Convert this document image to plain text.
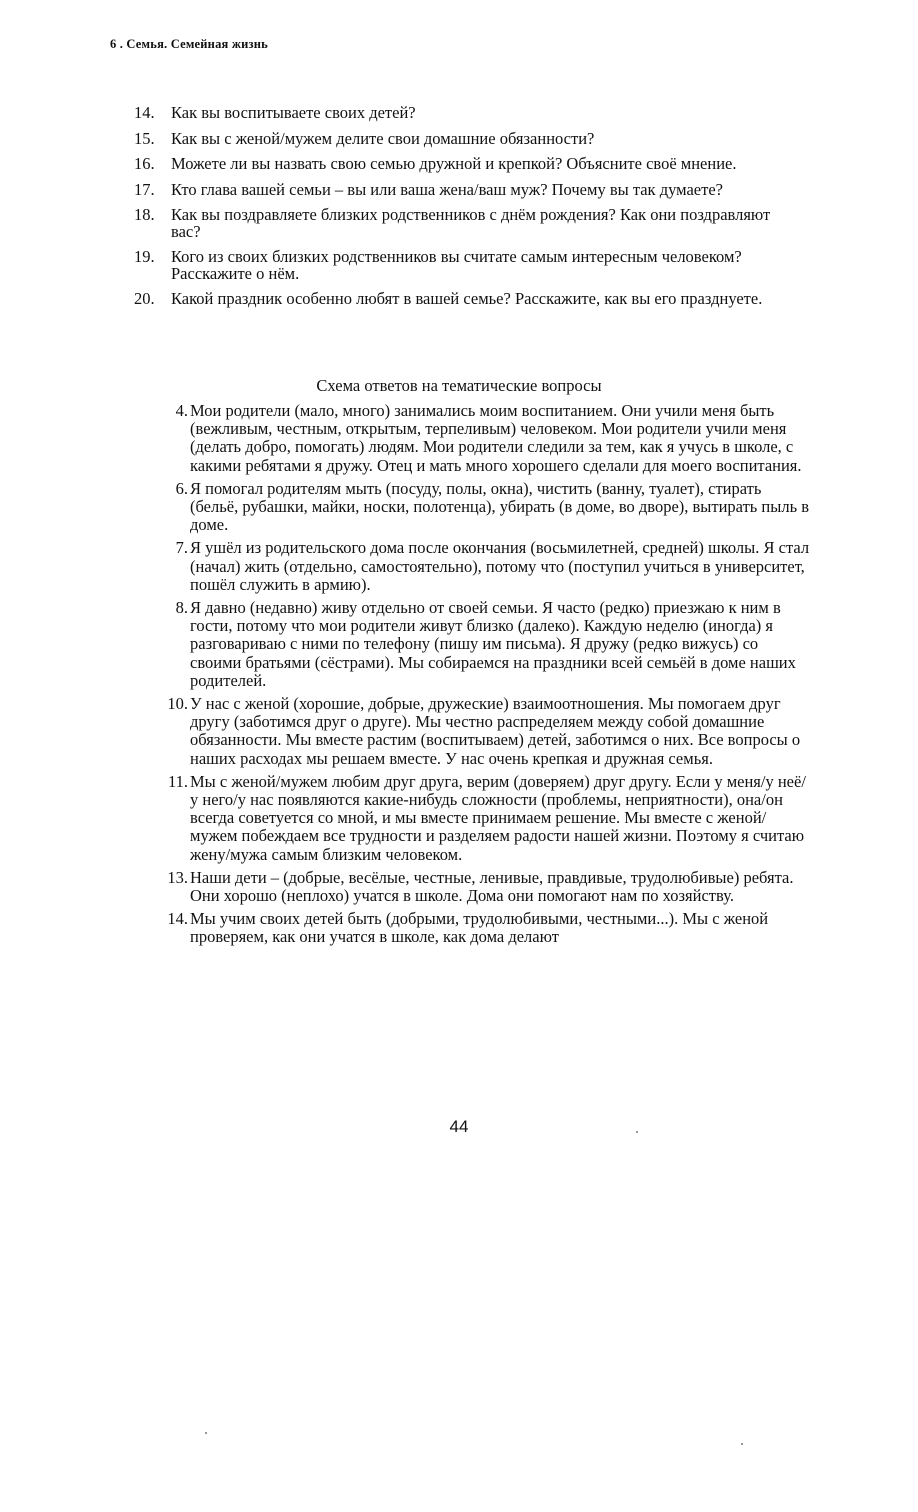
6 . Семья. Семейная жизнь
14. Как вы воспитываете своих детей?
15. Как вы с женой/мужем делите свои домашние обязанности?
16. Можете ли вы назвать свою семью дружной и крепкой? Объясните своё мнение.
17. Кто глава вашей семьи – вы или ваша жена/ваш муж? Почему вы так думаете?
18. Как вы поздравляете близких родственников с днём рождения? Как они поздравляют вас?
19. Кого из своих близких родственников вы считате самым интересным человеком? Расскажите о нём.
20. Какой праздник особенно любят в вашей семье? Расскажите, как вы его празднуете.
Схема ответов на тематические вопросы
4. Мои родители (мало, много) занимались моим воспитанием. Они учили меня быть (вежливым, честным, открытым, терпеливым) человеком. Мои родители учили меня (делать добро, помогать) людям. Мои родители следили за тем, как я учусь в школе, с какими ребятами я дружу. Отец и мать много хорошего сделали для моего воспитания.
6. Я помогал родителям мыть (посуду, полы, окна), чистить (ванну, туалет), стирать (бельё, рубашки, майки, носки, полотенца), убирать (в доме, во дворе), вытирать пыль в доме.
7. Я ушёл из родительского дома после окончания (восьмилетней, средней) школы. Я стал (начал) жить (отдельно, самостоятельно), потому что (поступил учиться в университет, пошёл служить в армию).
8. Я давно (недавно) живу отдельно от своей семьи. Я часто (редко) приезжаю к ним в гости, потому что мои родители живут близко (далеко). Каждую неделю (иногда) я разговариваю с ними по телефону (пишу им письма). Я дружу (редко вижусь) со своими братьями (сёстрами). Мы собираемся на праздники всей семьёй в доме наших родителей.
10. У нас с женой (хорошие, добрые, дружеские) взаимоотношения. Мы помогаем друг другу (заботимся друг о друге). Мы честно распределяем между собой домашние обязанности. Мы вместе растим (воспитываем) детей, заботимся о них. Все вопросы о наших расходах мы решаем вместе. У нас очень крепкая и дружная семья.
11. Мы с женой/мужем любим друг друга, верим (доверяем) друг другу. Если у меня/у неё/у него/у нас появляются какие-нибудь сложности (проблемы, неприятности), она/он всегда советуется со мной, и мы вместе принимаем решение. Мы вместе с женой/мужем побеждаем все трудности и разделяем радости нашей жизни. Поэтому я считаю жену/мужа самым близким человеком.
13. Наши дети – (добрые, весёлые, честные, ленивые, правдивые, трудолюбивые) ребята. Они хорошо (неплохо) учатся в школе. Дома они помогают нам по хозяйству.
14. Мы учим своих детей быть (добрыми, трудолюбивыми, честными...). Мы с женой проверяем, как они учатся в школе, как дома делают
44
